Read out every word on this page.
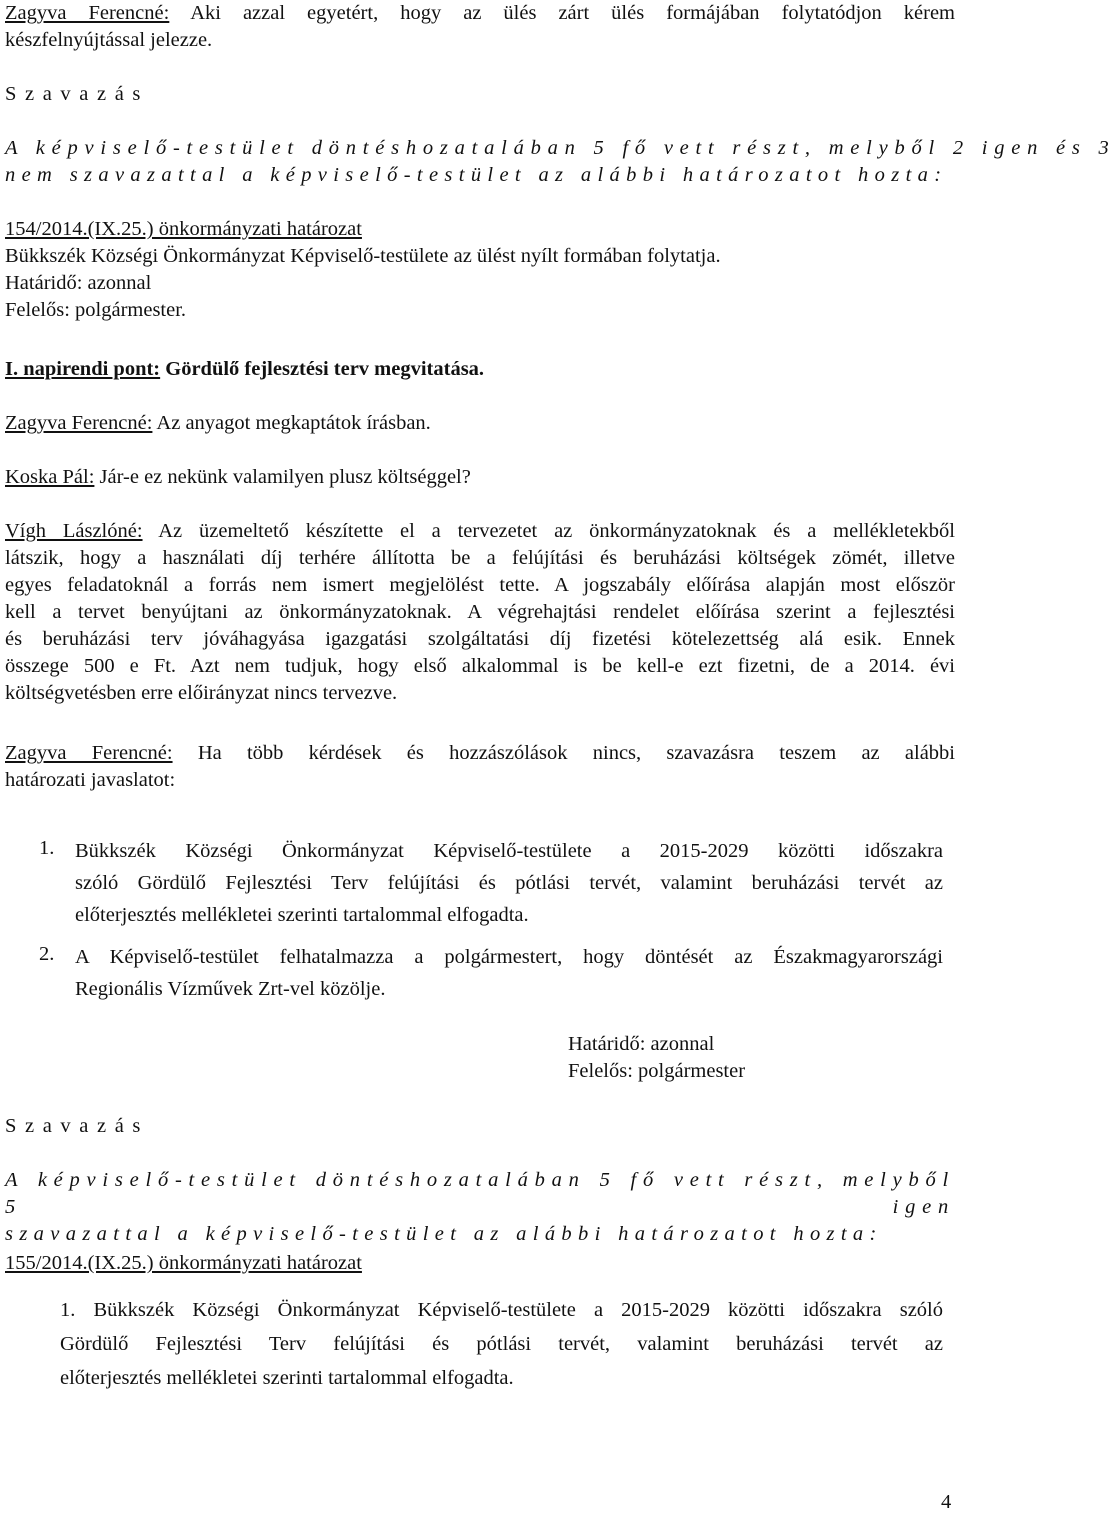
Zagyva Ferencné: Aki azzal egyetért, hogy az ülés zárt ülés formájában folytatódjon kérem
készfelnyújtással jelezze.
Szavazás
A képviselő-testület döntéshozatalában 5 fő vett részt, melyből 2 igen és 3
nem szavazattal a képviselő-testület az alábbi határozatot hozta:
154/2014.(IX.25.) önkormányzati határozat
Bükkszék Községi Önkormányzat Képviselő-testülete az ülést nyílt formában folytatja.
Határidő: azonnal
Felelős: polgármester.
I. napirendi pont: Gördülő fejlesztési terv megvitatása.
Zagyva Ferencné: Az anyagot megkaptátok írásban.
Koska Pál: Jár-e ez nekünk valamilyen plusz költséggel?
Vígh Lászlóné: Az üzemeltető készítette el a tervezetet az önkormányzatoknak és a mellékletekből
látszik, hogy a használati díj terhére állította be a felújítási és beruházási költségek zömét, illetve
egyes feladatoknál a forrás nem ismert megjelölést tette. A jogszabály előírása alapján most először
kell a tervet benyújtani az önkormányzatoknak. A végrehajtási rendelet előírása szerint a fejlesztési
és beruházási terv jóváhagyása igazgatási szolgáltatási díj fizetési kötelezettség alá esik. Ennek
összege 500 e Ft. Azt nem tudjuk, hogy első alkalommal is be kell-e ezt fizetni, de a 2014. évi
költségvetésben erre előirányzat nincs tervezve.
Zagyva Ferencné: Ha több kérdések és hozzászólások nincs, szavazásra teszem az alábbi
határozati javaslatot:
1. Bükkszék Községi Önkormányzat Képviselő-testülete a 2015-2029 közötti időszakra
szóló Gördülő Fejlesztési Terv felújítási és pótlási tervét, valamint beruházási tervét az
előterjesztés mellékletei szerinti tartalommal elfogadta.
2. A Képviselő-testület felhatalmazza a polgármestert, hogy döntését az Északmagyarországi
Regionális Vízművek Zrt-vel közölje.
Határidő: azonnal
Felelős: polgármester
Szavazás
A képviselő-testület döntéshozatalában 5 fő vett részt, melyből 5 igen
szavazattal a képviselő-testület az alábbi határozatot hozta:
155/2014.(IX.25.) önkormányzati határozat
1. Bükkszék Községi Önkormányzat Képviselő-testülete a 2015-2029 közötti időszakra szóló
Gördülő Fejlesztési Terv felújítási és pótlási tervét, valamint beruházási tervét az
előterjesztés mellékletei szerinti tartalommal elfogadta.
4
